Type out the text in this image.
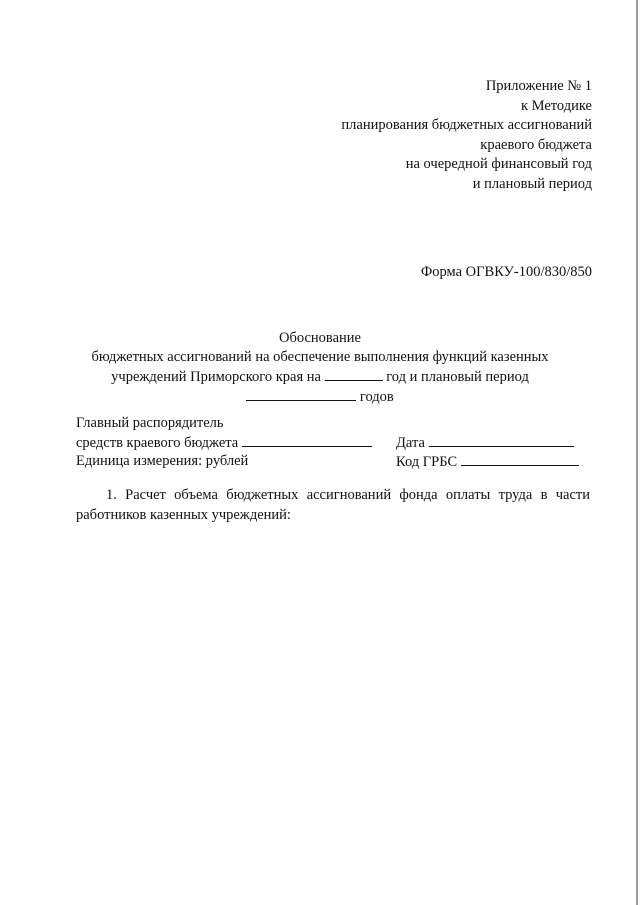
Приложение № 1
к Методике
планирования бюджетных ассигнований
краевого бюджета
на очередной финансовый год
и плановый период
Форма ОГВКУ-100/830/850
Обоснование
бюджетных ассигнований на обеспечение выполнения функций казенных
учреждений Приморского края на	год и плановый период
годов
Главный распорядитель
средств краевого бюджета	Дата
Единица измерения: рублей	Код ГРБС
1. Расчет объема бюджетных ассигнований фонда оплаты труда в части работников казенных учреждений:
